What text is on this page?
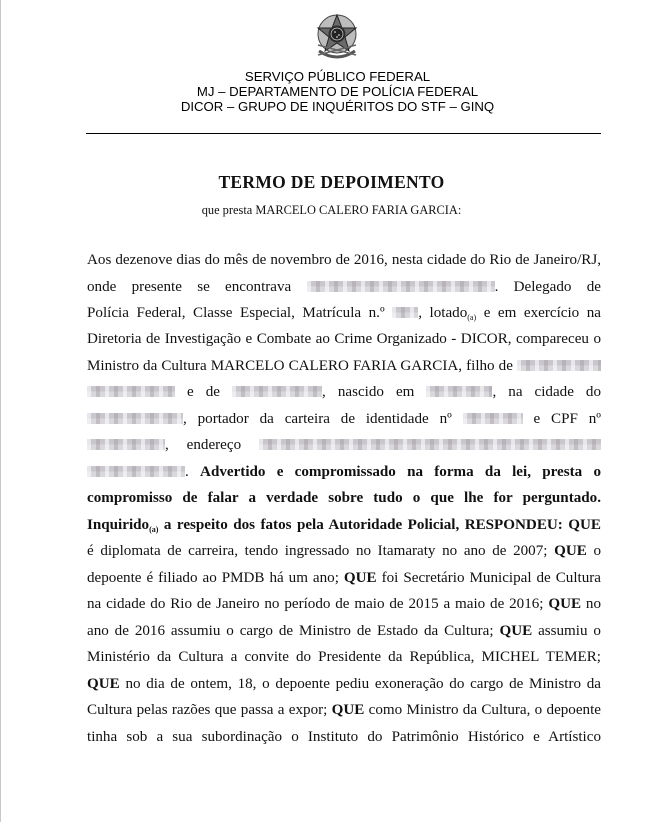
SERVIÇO PÚBLICO FEDERAL
MJ – DEPARTAMENTO DE POLÍCIA FEDERAL
DICOR – GRUPO DE INQUÉRITOS DO STF – GINQ
TERMO DE DEPOIMENTO
que presta MARCELO CALERO FARIA GARCIA:
Aos dezenove dias do mês de novembro de 2016, nesta cidade do Rio de Janeiro/RJ,
onde presente se encontrava	. Delegado de
Polícia Federal, Classe Especial, Matrícula n.º , lotado$_{(a)}$ e em exercício na
Diretoria de Investigação e Combate ao Crime Organizado - DICOR, compareceu o
Ministro da Cultura MARCELO CALERO FARIA GARCIA, filho de
e de	, nascido em	, na cidade do
, portador da carteira de identidade nº	e CPF nº
, endereço
. Advertido e compromissado na forma da lei, presta o
compromisso de falar a verdade sobre tudo o que lhe for perguntado.
Inquirido$_{(a)}$ a respeito dos fatos pela Autoridade Policial, RESPONDEU: QUE
é diplomata de carreira, tendo ingressado no Itamaraty no ano de 2007; QUE o
depoente é filiado ao PMDB há um ano; QUE foi Secretário Municipal de Cultura
na cidade do Rio de Janeiro no período de maio de 2015 a maio de 2016; QUE no
ano de 2016 assumiu o cargo de Ministro de Estado da Cultura; QUE assumiu o
Ministério da Cultura a convite do Presidente da República, MICHEL TEMER;
QUE no dia de ontem, 18, o depoente pediu exoneração do cargo de Ministro da
Cultura pelas razões que passa a expor; QUE como Ministro da Cultura, o depoente
tinha sob a sua subordinação o Instituto do Patrimônio Histórico e Artístico
